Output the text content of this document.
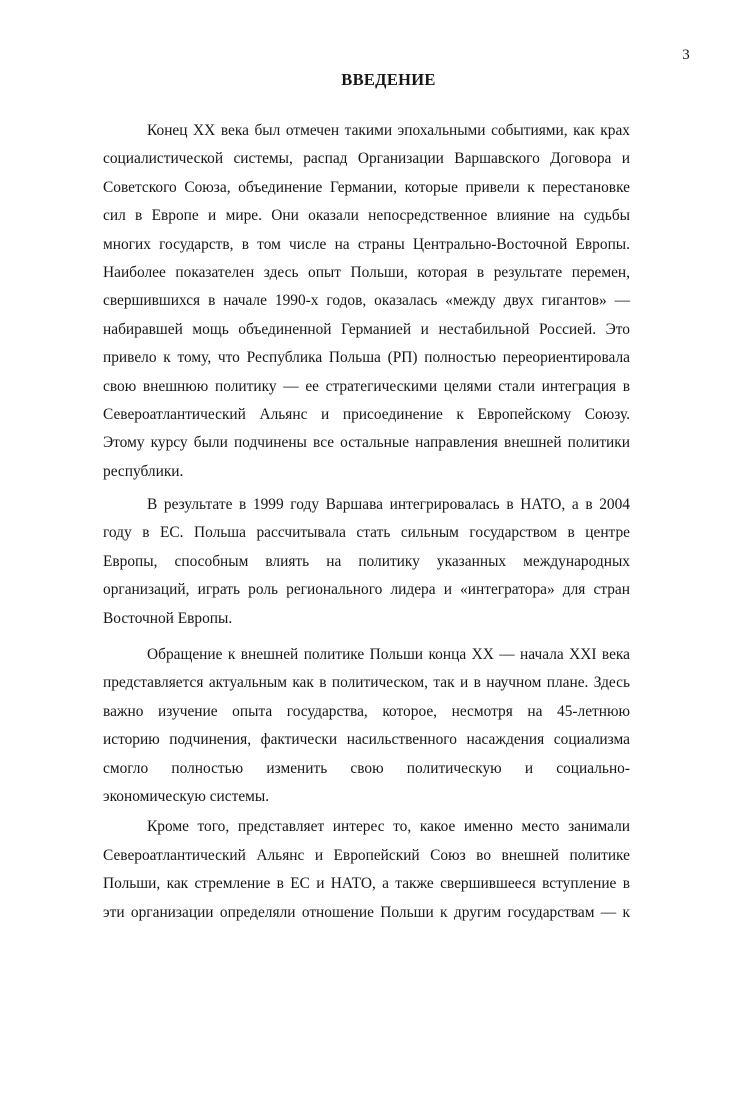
3
ВВЕДЕНИЕ
Конец XX века был отмечен такими эпохальными событиями, как крах
социалистической системы, распад Организации Варшавского Договора и
Советского Союза, объединение Германии, которые привели к перестановке
сил в Европе и мире. Они оказали непосредственное влияние на судьбы
многих государств, в том числе на страны Центрально-Восточной Европы.
Наиболее показателен здесь опыт Польши, которая в результате перемен,
свершившихся в начале 1990-х годов, оказалась «между двух гигантов» —
набиравшей мощь объединенной Германией и нестабильной Россией. Это
привело к тому, что Республика Польша (РП) полностью переориентировала
свою внешнюю политику — ее стратегическими целями стали интеграция в
Североатлантический Альянс и присоединение к Европейскому Союзу.
Этому курсу были подчинены все остальные направления внешней политики
республики.
В результате в 1999 году Варшава интегрировалась в НАТО, а в 2004
году в ЕС. Польша рассчитывала стать сильным государством в центре
Европы, способным влиять на политику указанных международных
организаций, играть роль регионального лидера и «интегратора» для стран
Восточной Европы.
Обращение к внешней политике Польши конца XX — начала XXI века
представляется актуальным как в политическом, так и в научном плане. Здесь
важно изучение опыта государства, которое, несмотря на 45-летнюю
историю подчинения, фактически насильственного насаждения социализма
смогло полностью изменить свою политическую и социально-
экономическую системы.
Кроме того, представляет интерес то, какое именно место занимали
Североатлантический Альянс и Европейский Союз во внешней политике
Польши, как стремление в ЕС и НАТО, а также свершившееся вступление в
эти организации определяли отношение Польши к другим государствам — к
